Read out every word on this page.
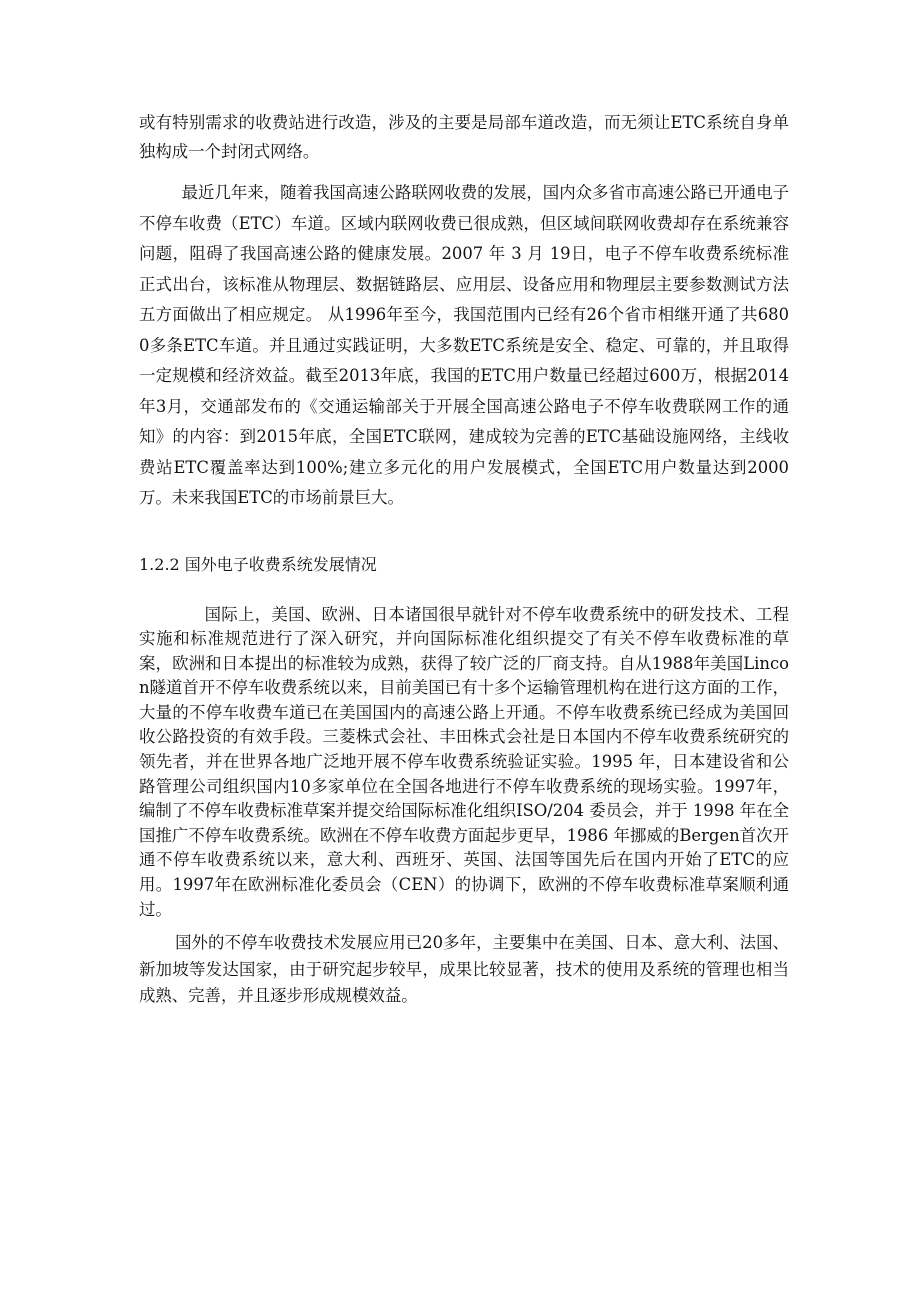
或有特别需求的收费站进行改造，涉及的主要是局部车道改造，而无须让ETC系统自身单独构成一个封闭式网络。

最近几年来，随着我国高速公路联网收费的发展，国内众多省市高速公路已开通电子不停车收费（ETC）车道。区域内联网收费已很成熟，但区域间联网收费却存在系统兼容问题，阻碍了我国高速公路的健康发展。2007 年 3 月 19日，电子不停车收费系统标准正式出台，该标准从物理层、数据链路层、应用层、设备应用和物理层主要参数测试方法五方面做出了相应规定。 从1996年至今，我国范围内已经有26个省市相继开通了共6800多条ETC车道。并且通过实践证明，大多数ETC系统是安全、稳定、可靠的，并且取得一定规模和经济效益。截至2013年底，我国的ETC用户数量已经超过600万，根据2014年3月，交通部发布的《交通运输部关于开展全国高速公路电子不停车收费联网工作的通知》的内容：到2015年底，全国ETC联网，建成较为完善的ETC基础设施网络，主线收费站ETC覆盖率达到100%;建立多元化的用户发展模式，全国ETC用户数量达到2000万。未来我国ETC的市场前景巨大。

1.2.2 国外电子收费系统发展情况

国际上，美国、欧洲、日本诸国很早就针对不停车收费系统中的研发技术、工程实施和标准规范进行了深入研究，并向国际标准化组织提交了有关不停车收费标准的草案，欧洲和日本提出的标准较为成熟，获得了较广泛的厂商支持。自从1988年美国Lincon隧道首开不停车收费系统以来，目前美国已有十多个运输管理机构在进行这方面的工作，大量的不停车收费车道已在美国国内的高速公路上开通。不停车收费系统已经成为美国回收公路投资的有效手段。三菱株式会社、丰田株式会社是日本国内不停车收费系统研究的领先者，并在世界各地广泛地开展不停车收费系统验证实验。1995 年，日本建设省和公路管理公司组织国内10多家单位在全国各地进行不停车收费系统的现场实验。1997年，编制了不停车收费标准草案并提交给国际标准化组织ISO/204 委员会，并于 1998 年在全国推广不停车收费系统。欧洲在不停车收费方面起步更早，1986 年挪威的Bergen首次开通不停车收费系统以来，意大利、西班牙、英国、法国等国先后在国内开始了ETC的应用。1997年在欧洲标准化委员会（CEN）的协调下，欧洲的不停车收费标准草案顺利通过。

国外的不停车收费技术发展应用已20多年，主要集中在美国、日本、意大利、法国、新加坡等发达国家，由于研究起步较早，成果比较显著，技术的使用及系统的管理也相当成熟、完善，并且逐步形成规模效益。
